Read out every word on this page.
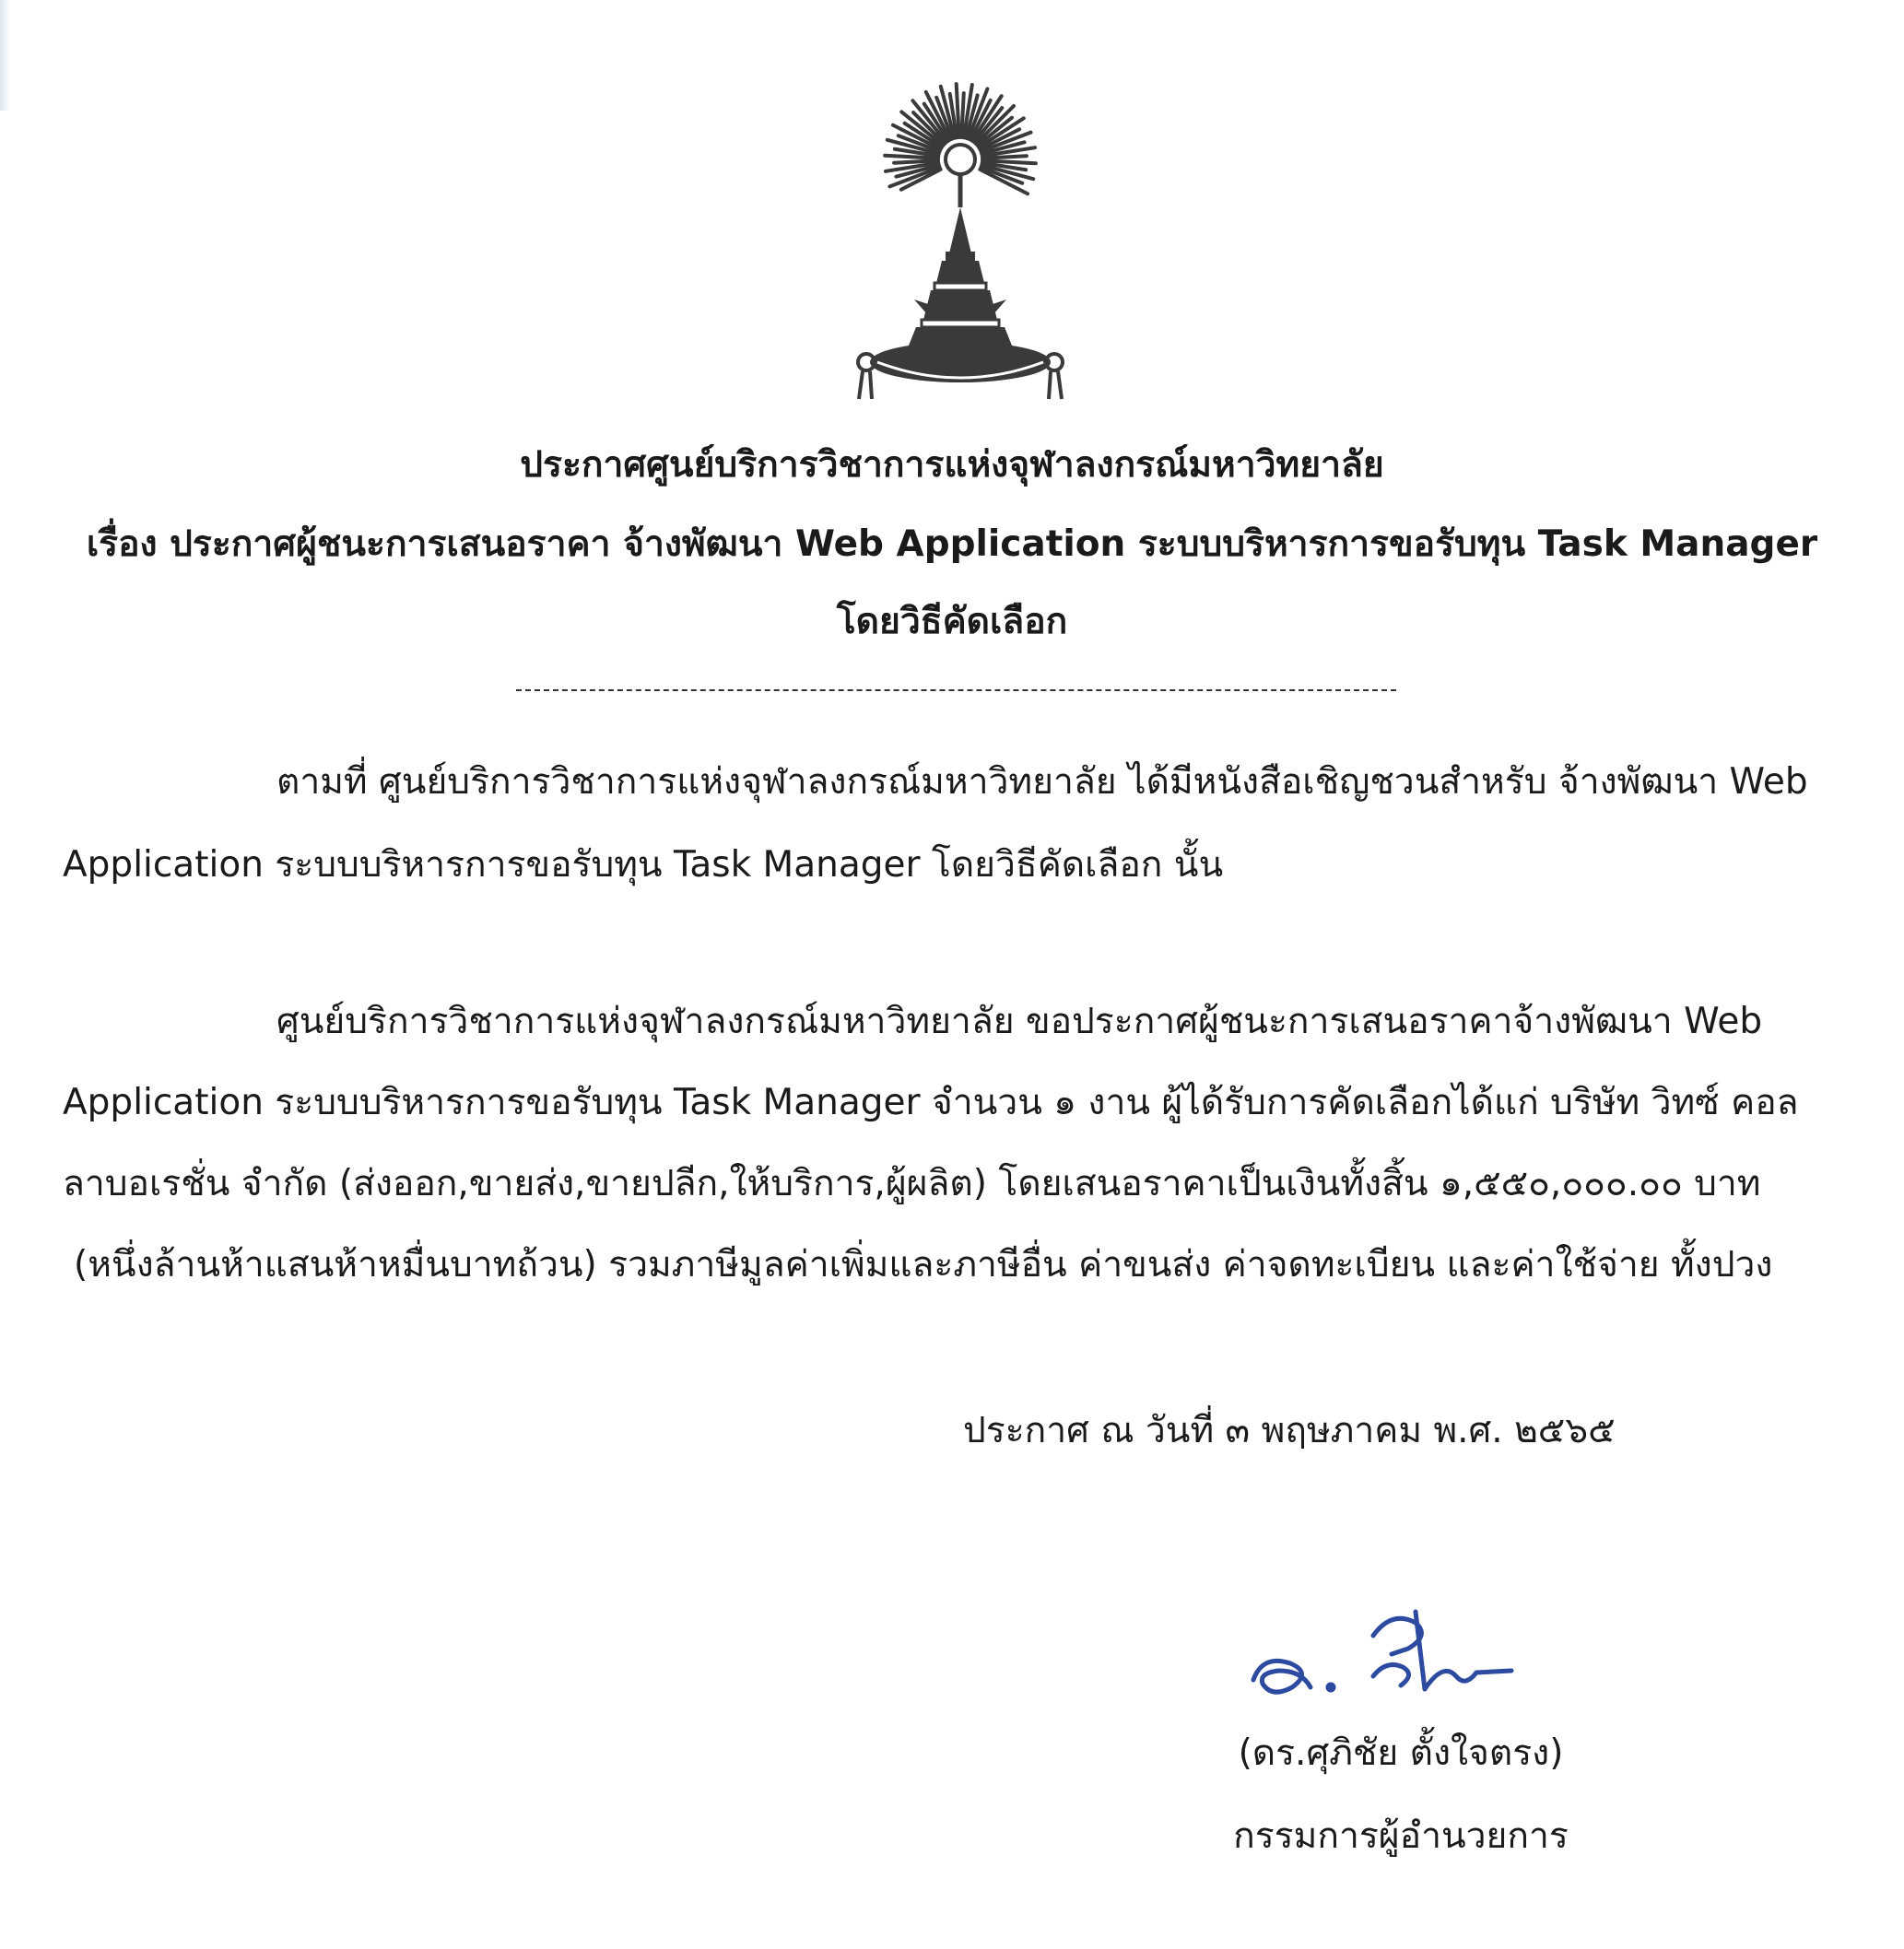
ประกาศศูนย์บริการวิชาการแห่งจุฬาลงกรณ์มหาวิทยาลัย
เรื่อง ประกาศผู้ชนะการเสนอราคา จ้างพัฒนา Web Application ระบบบริหารการขอรับทุน Task Manager
โดยวิธีคัดเลือก
ตามที่ ศูนย์บริการวิชาการแห่งจุฬาลงกรณ์มหาวิทยาลัย ได้มีหนังสือเชิญชวนสำหรับ จ้างพัฒนา Web
Application ระบบบริหารการขอรับทุน Task Manager โดยวิธีคัดเลือก นั้น
ศูนย์บริการวิชาการแห่งจุฬาลงกรณ์มหาวิทยาลัย ขอประกาศผู้ชนะการเสนอราคาจ้างพัฒนา Web
Application ระบบบริหารการขอรับทุน Task Manager จำนวน ๑ งาน ผู้ได้รับการคัดเลือกได้แก่ บริษัท วิทซ์ คอล
ลาบอเรชั่น จำกัด (ส่งออก,ขายส่ง,ขายปลีก,ให้บริการ,ผู้ผลิต) โดยเสนอราคาเป็นเงินทั้งสิ้น ๑,๕๕๐,๐๐๐.๐๐ บาท
(หนึ่งล้านห้าแสนห้าหมื่นบาทถ้วน) รวมภาษีมูลค่าเพิ่มและภาษีอื่น ค่าขนส่ง ค่าจดทะเบียน และค่าใช้จ่าย ทั้งปวง
ประกาศ ณ วันที่ ๓ พฤษภาคม พ.ศ. ๒๕๖๕
(ดร.ศุภิชัย ตั้งใจตรง)
กรรมการผู้อำนวยการ
